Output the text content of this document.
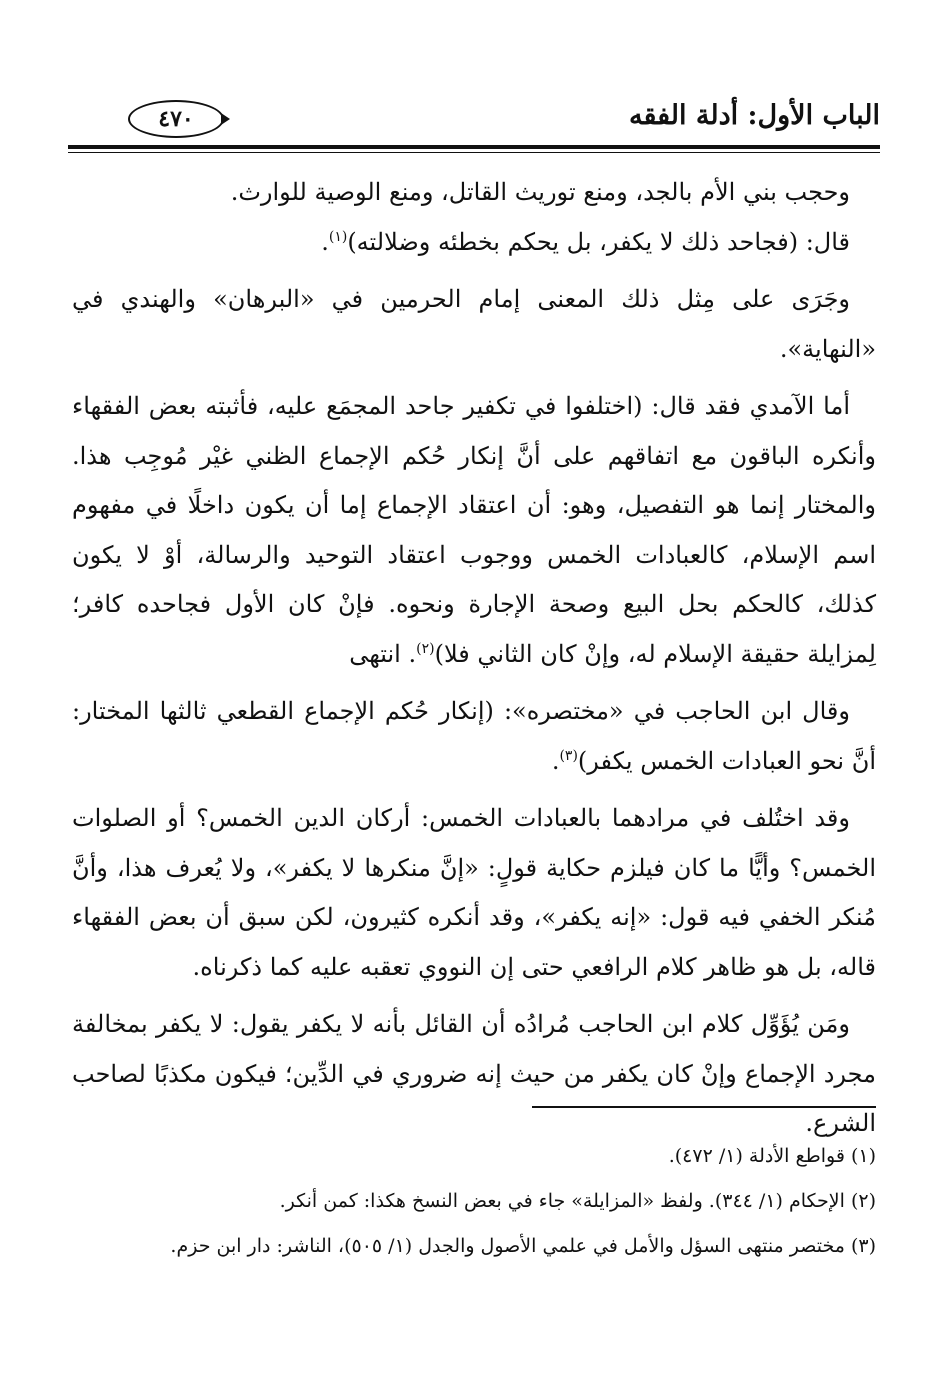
الباب الأول: أدلة الفقه
٤٧٠

وحجب بني الأم بالجد، ومنع توريث القاتل، ومنع الوصية للوارث.

قال: (فجاحد ذلك لا يكفر، بل يحكم بخطئه وضلالته)$^{(١)}$.

وجَرَى على مِثل ذلك المعنى إمام الحرمين في «البرهان» والهندي في «النهاية».

أما الآمدي فقد قال: (اختلفوا في تكفير جاحد المجمَع عليه، فأثبته بعض الفقهاء وأنكره الباقون مع اتفاقهم على أنَّ إنكار حُكم الإجماع الظني غيْر مُوجِب هذا. والمختار إنما هو التفصيل، وهو: أن اعتقاد الإجماع إما أن يكون داخلًا في مفهوم اسم الإسلام، كالعبادات الخمس ووجوب اعتقاد التوحيد والرسالة، أوْ لا يكون كذلك، كالحكم بحل البيع وصحة الإجارة ونحوه. فإنْ كان الأول فجاحده كافر؛ لِمزايلة حقيقة الإسلام له، وإنْ كان الثاني فلا)$^{(٢)}$. انتهى

وقال ابن الحاجب في «مختصره»: (إنكار حُكم الإجماع القطعي ثالثها المختار: أنَّ نحو العبادات الخمس يكفر)$^{(٣)}$.

وقد اختُلف في مرادهما بالعبادات الخمس: أركان الدين الخمس؟ أو الصلوات الخمس؟ وأيًّا ما كان فيلزم حكاية قولٍ: «إنَّ منكرها لا يكفر»، ولا يُعرف هذا، وأنَّ مُنكر الخفي فيه قول: «إنه يكفر»، وقد أنكره كثيرون، لكن سبق أن بعض الفقهاء قاله، بل هو ظاهر كلام الرافعي حتى إن النووي تعقبه عليه كما ذكرناه.

ومَن يُؤَوِّل كلام ابن الحاجب مُرادُه أن القائل بأنه لا يكفر يقول: لا يكفر بمخالفة مجرد الإجماع وإنْ كان يكفر من حيث إنه ضروري في الدِّين؛ فيكون مكذبًا لصاحب الشرع.

(١) قواطع الأدلة (١/ ٤٧٢).

(٢) الإحكام (١/ ٣٤٤). ولفظ «المزايلة» جاء في بعض النسخ هكذا: كمن أنكر.

(٣) مختصر منتهى السؤل والأمل في علمي الأصول والجدل (١/ ٥٠٥)، الناشر: دار ابن حزم.
